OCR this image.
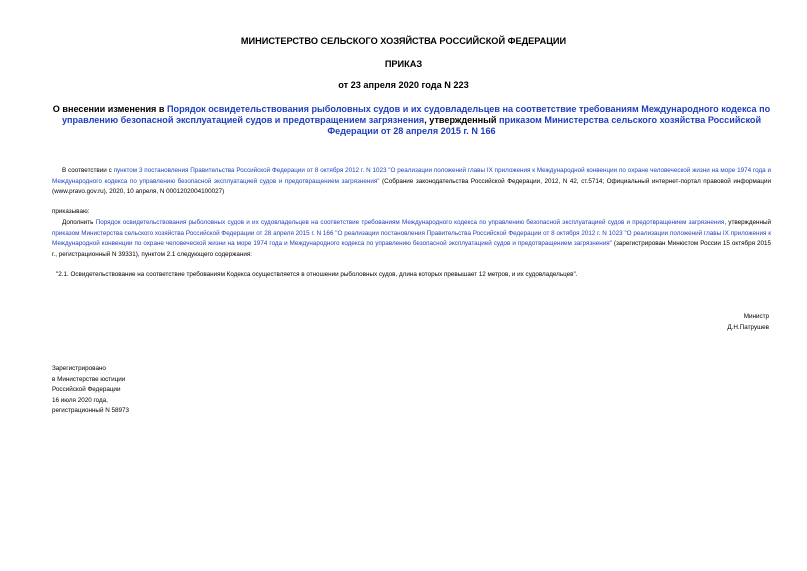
МИНИСТЕРСТВО СЕЛЬСКОГО ХОЗЯЙСТВА РОССИЙСКОЙ ФЕДЕРАЦИИ
ПРИКАЗ
от 23 апреля 2020 года N 223
О внесении изменения в Порядок освидетельствования рыболовных судов и их судовладельцев на соответствие требованиям Международного кодекса по управлению безопасной эксплуатацией судов и предотвращением загрязнения, утвержденный приказом Министерства сельского хозяйства Российской Федерации от 28 апреля 2015 г. N 166
В соответствии с пунктом 3 постановления Правительства Российской Федерации от 8 октября 2012 г. N 1023 "О реализации положений главы IX приложения к Международной конвенции по охране человеческой жизни на море 1974 года и Международного кодекса по управлению безопасной эксплуатацией судов и предотвращением загрязнения" (Собрание законодательства Российской Федерации, 2012, N 42, ст.5714; Официальный интернет-портал правовой информации (www.pravo.gov.ru), 2020, 10 апреля, N 0001202004100027)
приказываю:
Дополнить Порядок освидетельствования рыболовных судов и их судовладельцев на соответствие требованиям Международного кодекса по управлению безопасной эксплуатацией судов и предотвращением загрязнения, утвержденный приказом Министерства сельского хозяйства Российской Федерации от 28 апреля 2015 г. N 166 "О реализации постановления Правительства Российской Федерации от 8 октября 2012 г. N 1023 "О реализации положений главы IX приложения к Международной конвенции по охране человеческой жизни на море 1974 года и Международного кодекса по управлению безопасной эксплуатацией судов и предотвращением загрязнения" (зарегистрирован Минюстом России 15 октября 2015 г., регистрационный N 39331), пунктом 2.1 следующего содержания:
"2.1. Освидетельствование на соответствие требованиям Кодекса осуществляется в отношении рыболовных судов, длина которых превышает 12 метров, и их судовладельцев".
Министр
Д.Н.Патрушев
Зарегистрировано
в Министерстве юстиции
Российской Федерации
16 июля 2020 года,
регистрационный N 58973
